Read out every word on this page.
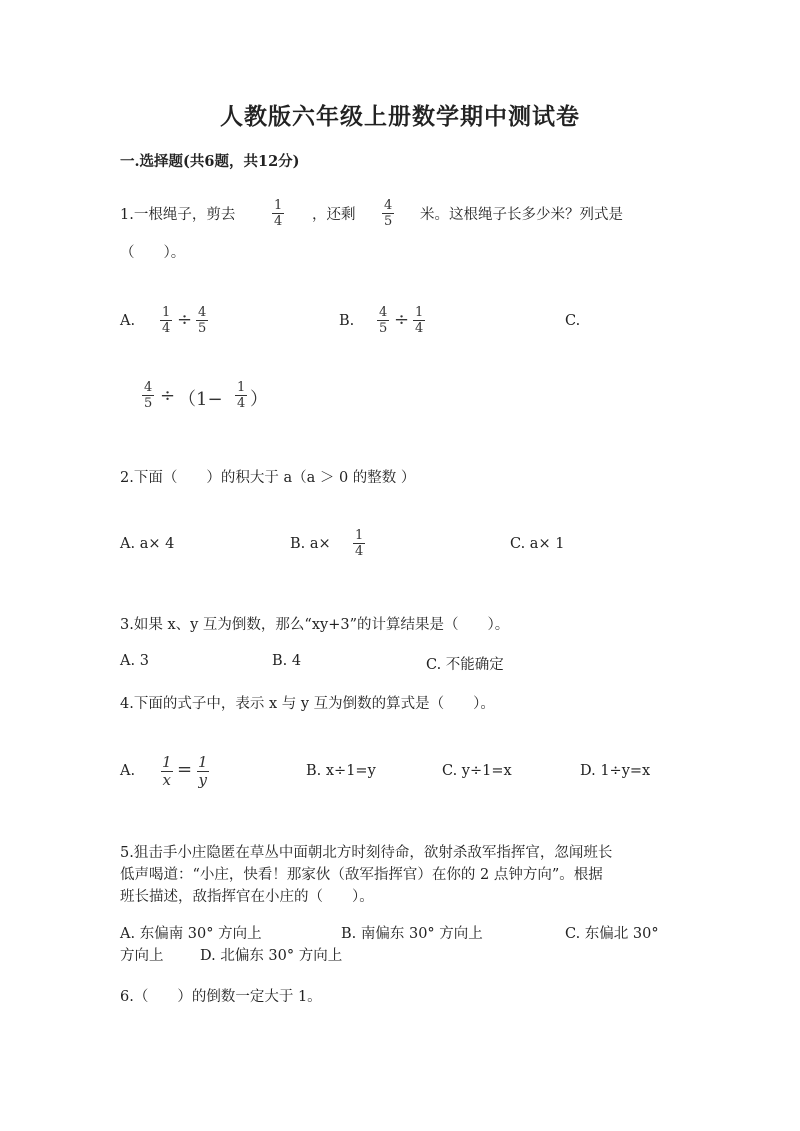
人教版六年级上册数学期中测试卷
一.选择题(共6题，共12分)
1.一根绳子，剪去	$\frac{1}{4}$ ，还剩 $\frac{4}{5}$ 米。这根绳子长多少米？列式是
（　　）。
A. $\frac{1}{4} \div \frac{4}{5}$	B. $\frac{4}{5} \div \frac{1}{4}$	C.
$\frac{4}{5} \div (1- \frac{1}{4}$ ）
2.下面（　　）的积大于 a（a ＞ 0 的整数 ）
A. a× 4	B. $a\times \frac{1}{4}$	C. a× 1
3.如果 x、y 互为倒数，那么“xy+3”的计算结果是（　　）。
A. 3	B. 4	C. 不能确定
4.下面的式子中，表示 x 与 y 互为倒数的算式是（　　）。
A. $\frac{1}{x} = \frac{1}{y}$	B. x÷1=y	C. y÷1=x	D. 1÷y=x
5.狙击手小庄隐匿在草丛中面朝北方时刻待命，欲射杀敌军指挥官，忽闻班长
低声喝道：“小庄，快看！那家伙（敌军指挥官）在你的 2 点钟方向”。根据
班长描述，敌指挥官在小庄的（　　）。
A. 东偏南 30° 方向上	B. 南偏东 30° 方向上	C. 东偏北 30°
方向上	D. 北偏东 30° 方向上
6.（　　）的倒数一定大于 1。
